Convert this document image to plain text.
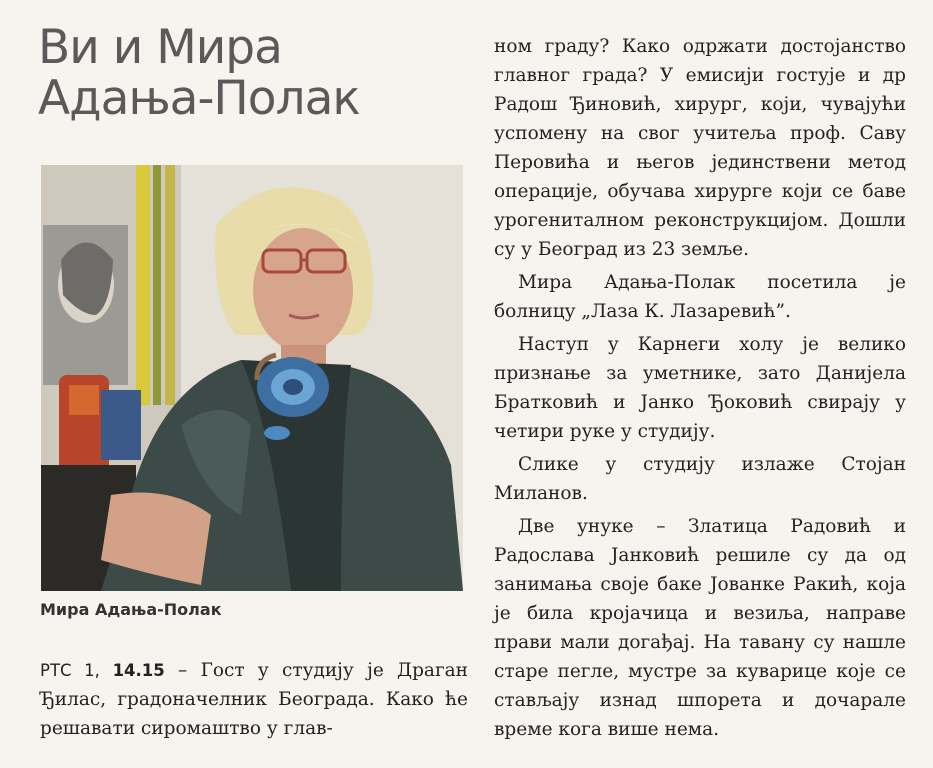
Ви и Мира
Адања-Полак
Мира Адања-Полак
РТС 1, 14.15 – Гост у студију је Драган Ђилас, градоначелник Београда. Како ће решавати сиромаштво у глав-

ном граду? Како одржати достојанство главног града? У емисији гостује и др Радош Ђиновић, хирург, који, чувајући успомену на свог учитеља проф. Саву Перовића и његов јединствени метод операције, обучава хирурге који се баве урогениталном реконструкцијом. Дошли су у Београд из 23 земље.

Мира Адања-Полак посетила је болницу „Лаза К. Лазаревић”.

Наступ у Карнеги холу је велико признање за уметнике, зато Данијела Братковић и Јанко Ђоковић свирају у четири руке у студију.

Слике у студију излаже Стојан Миланов.

Две унуке – Златица Радовић и Радослава Јанковић решиле су да од занимања своје баке Јованке Ракић, која је била кројачица и везиља, направе прави мали догађај. На тавану су нашле старе пегле, мустре за куварице које се стављају изнад шпорета и дочарале време кога више нема.
